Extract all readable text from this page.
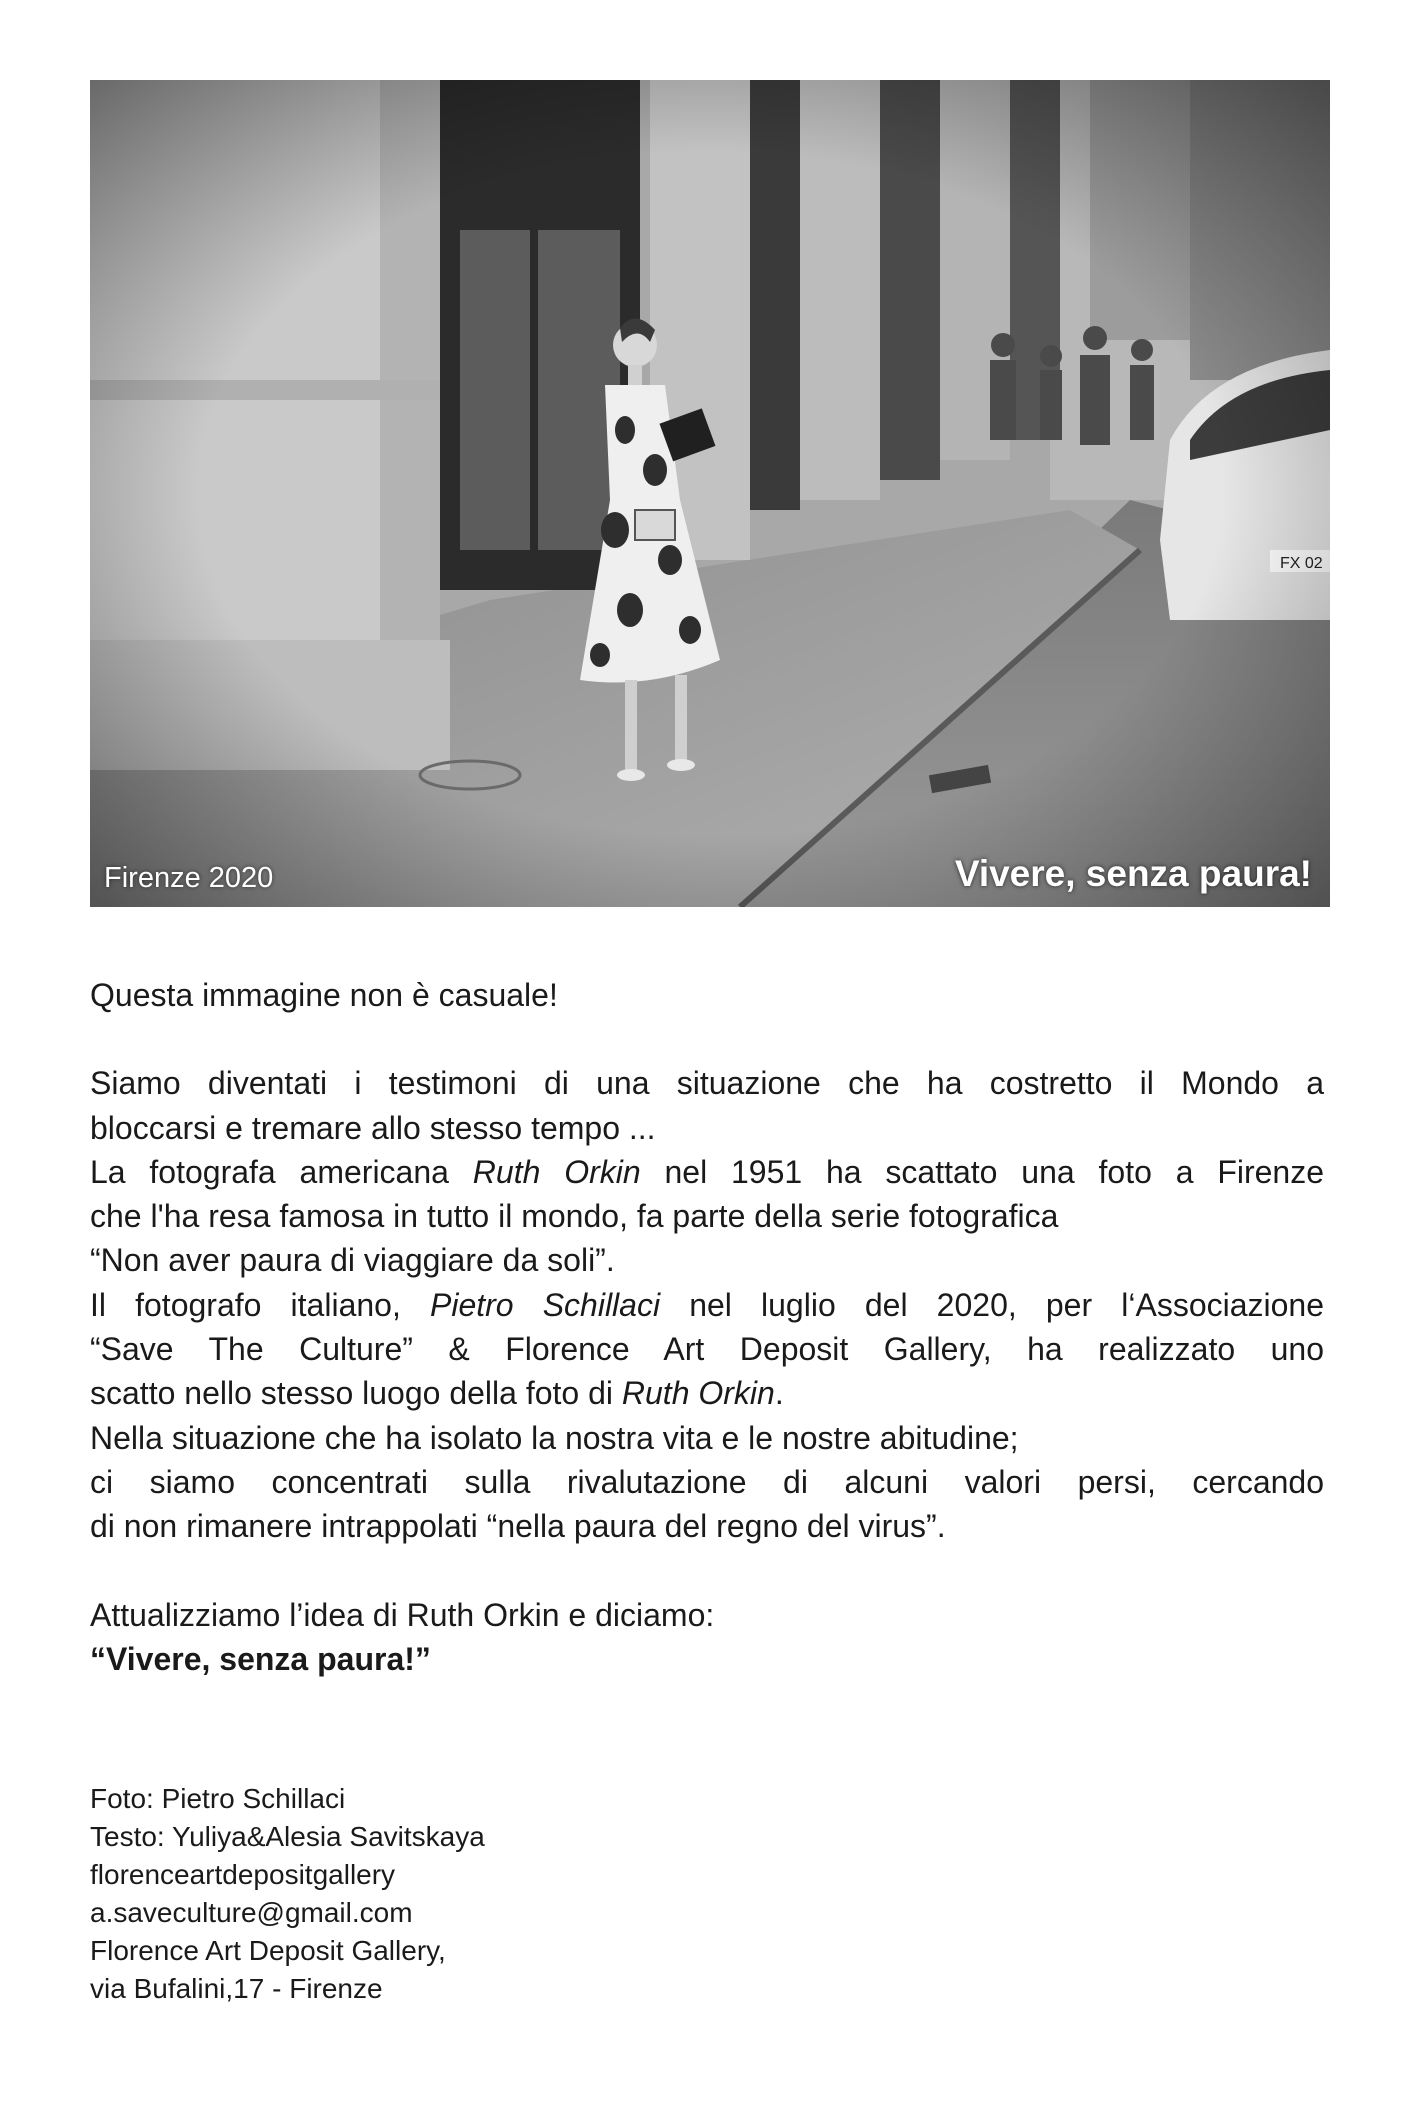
Firenze 2020	Vivere, senza paura!

Questa immagine non è casuale!

Siamo diventati i testimoni di una situazione che ha costretto il Mondo a

bloccarsi e tremare allo stesso tempo ...

La fotografa americana Ruth Orkin nel 1951 ha scattato una foto a Firenze

che l'ha resa famosa in tutto il mondo, fa parte della serie fotografica

“Non aver paura di viaggiare da soli”.

Il fotografo italiano, Pietro Schillaci nel luglio del 2020, per l‘Associazione

“Save The Culture” & Florence Art Deposit Gallery, ha realizzato uno

scatto nello stesso luogo della foto di Ruth Orkin.

Nella situazione che ha isolato la nostra vita e le nostre abitudine;

ci siamo concentrati sulla rivalutazione di alcuni valori persi, cercando

di non rimanere intrappolati “nella paura del regno del virus”.

Attualizziamo l’idea di Ruth Orkin e diciamo:

“Vivere, senza paura!”

Foto: Pietro Schillaci
Testo: Yuliya&Alesia Savitskaya
florenceartdepositgallery
a.saveculture@gmail.com
Florence Art Deposit Gallery,
via Bufalini,17 - Firenze
